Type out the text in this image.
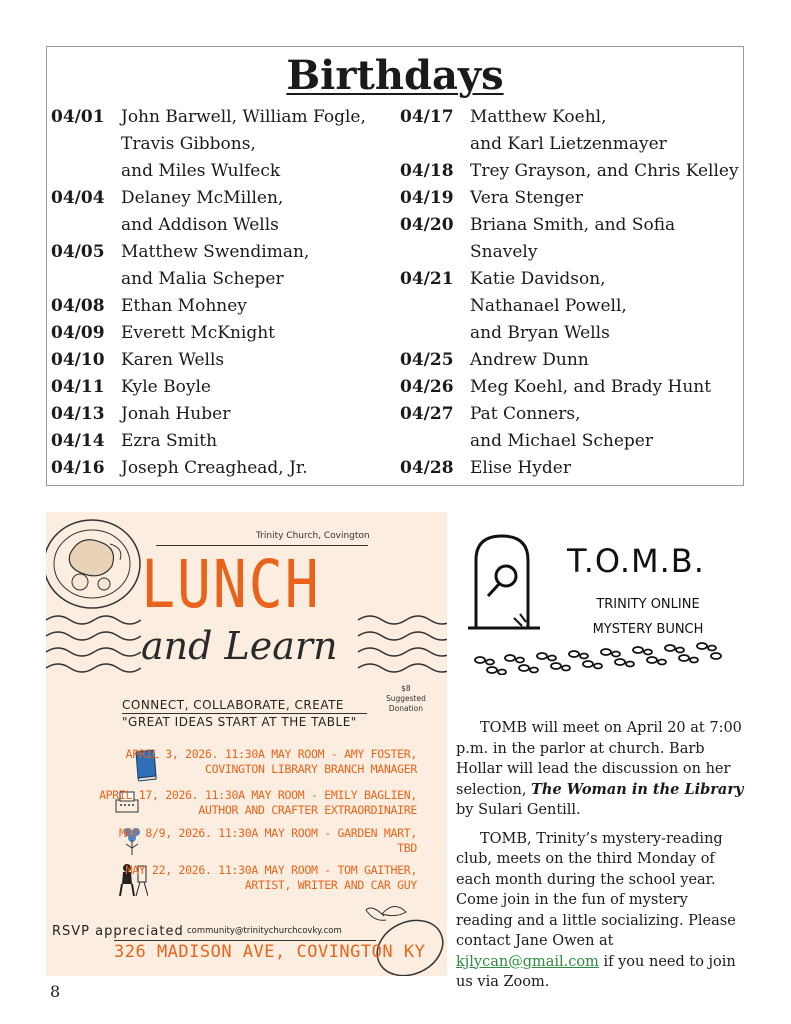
Birthdays
04/01 John Barwell, William Fogle,
Travis Gibbons,
and Miles Wulfeck
04/04 Delaney McMillen,
and Addison Wells
04/05 Matthew Swendiman,
and Malia Scheper
04/08 Ethan Mohney
04/09 Everett McKnight
04/10 Karen Wells
04/11 Kyle Boyle
04/13 Jonah Huber
04/14 Ezra Smith
04/16 Joseph Creaghead, Jr.
04/17 Matthew Koehl,
and Karl Lietzenmayer
04/18 Trey Grayson, and Chris Kelley
04/19 Vera Stenger
04/20 Briana Smith, and Sofia Snavely
04/21 Katie Davidson,
Nathanael Powell,
and Bryan Wells
04/25 Andrew Dunn
04/26 Meg Koehl, and Brady Hunt
04/27 Pat Conners,
and Michael Scheper
04/28 Elise Hyder
Trinity Church, Covington
LUNCH
and Learn
CONNECT, COLLABORATE, CREATE
"GREAT IDEAS START AT THE TABLE"
$8
Suggested
Donation
APRIL 3, 2026. 11:30A MAY ROOM - AMY FOSTER,
COVINGTON LIBRARY BRANCH MANAGER
APRIL 17, 2026. 11:30A MAY ROOM - EMILY BAGLIEN,
AUTHOR AND CRAFTER EXTRAORDINAIRE
MAY 8/9, 2026. 11:30A MAY ROOM - GARDEN MART,
TBD
MAY 22, 2026. 11:30A MAY ROOM - TOM GAITHER,
ARTIST, WRITER AND CAR GUY
RSVP appreciated community@trinitychurchcovky.com
326 MADISON AVE, COVINGTON KY
T.O.M.B.
TRINITY ONLINE
MYSTERY BUNCH

TOMB will meet on April 20 at 7:00 p.m. in the parlor at church. Barb Hollar will lead the discussion on her selection, The Woman in the Library by Sulari Gentill.

TOMB, Trinity’s mystery-reading club, meets on the third Monday of each month during the school year. Come join in the fun of mystery reading and a little socializing. Please contact Jane Owen at kjlycan@gmail.com if you need to join us via Zoom.

8
